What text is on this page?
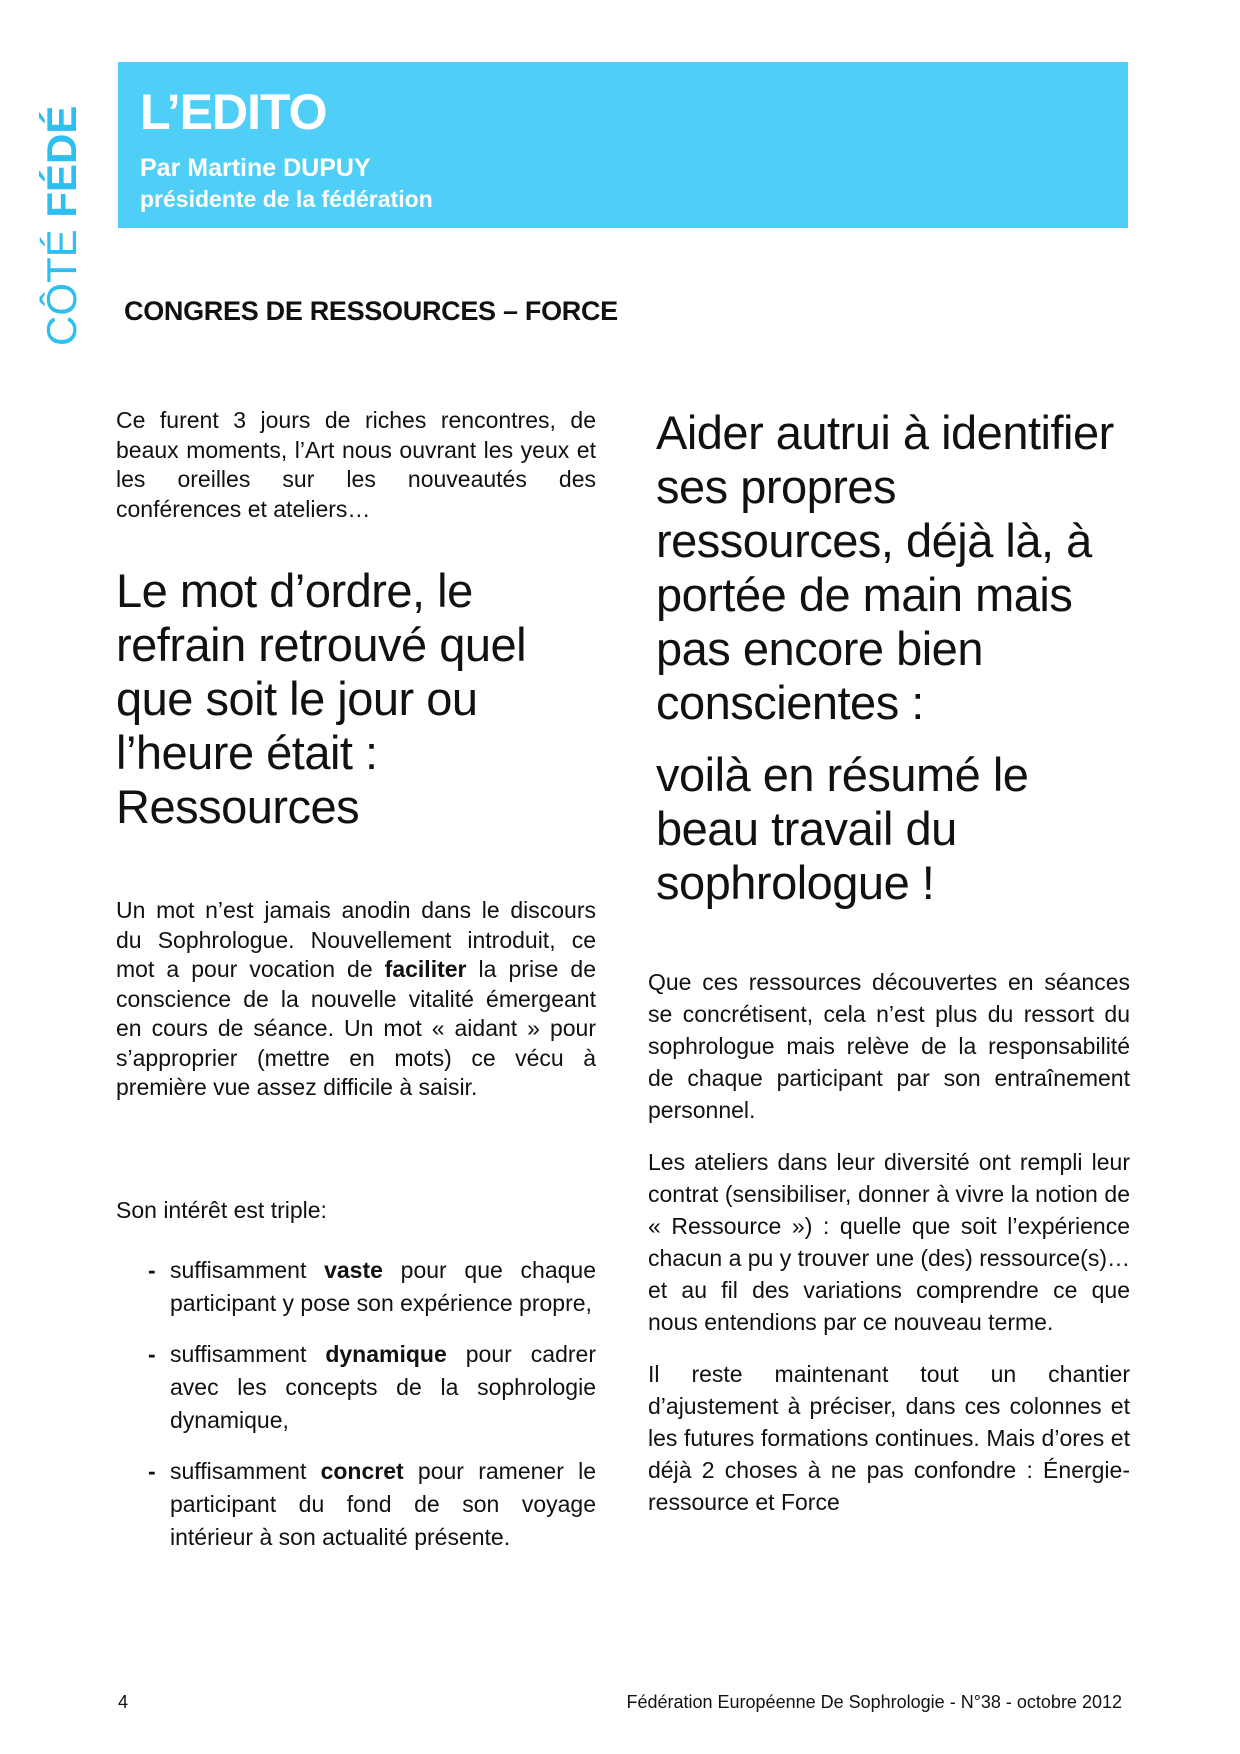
CÔTÉ FÉDÉ L’EDITO
Par Martine DUPUY
présidente de la fédération
CONGRES DE RESSOURCES – FORCE

Ce furent 3 jours de riches rencontres, de beaux moments, l’Art nous ouvrant les yeux et les oreilles sur les nouveautés des conférences et ateliers…

Le mot d’ordre, le refrain retrouvé quel que soit le jour ou l’heure était : Ressources

Un mot n’est jamais anodin dans le discours du Sophrologue. Nouvellement introduit, ce mot a pour vocation de faciliter la prise de conscience de la nouvelle vitalité émergeant en cours de séance. Un mot « aidant » pour s’approprier (mettre en mots) ce vécu à première vue assez difficile à saisir.

Son intérêt est triple:

- suffisamment vaste pour que chaque participant y pose son expérience propre,
- suffisamment dynamique pour cadrer avec les concepts de la sophrologie dynamique,
- suffisamment concret pour ramener le participant du fond de son voyage intérieur à son actualité présente.

Aider autrui à identifier ses propres ressources, déjà là, à portée de main mais pas encore bien conscientes :

voilà en résumé le beau travail du sophrologue !

Que ces ressources découvertes en séances se concrétisent, cela n’est plus du ressort du sophrologue mais relève de la responsabilité de chaque participant par son entraînement personnel.

Les ateliers dans leur diversité ont rempli leur contrat (sensibiliser, donner à vivre la notion de « Ressource ») : quelle que soit l’expérience chacun a pu y trouver une (des) ressource(s)… et au fil des variations comprendre ce que nous entendions par ce nouveau terme.

Il reste maintenant tout un chantier d’ajustement à préciser, dans ces colonnes et les futures formations continues. Mais d’ores et déjà 2 choses à ne pas confondre : Énergie-ressource et Force

4	Fédération Européenne De Sophrologie - N°38 - octobre 2012
